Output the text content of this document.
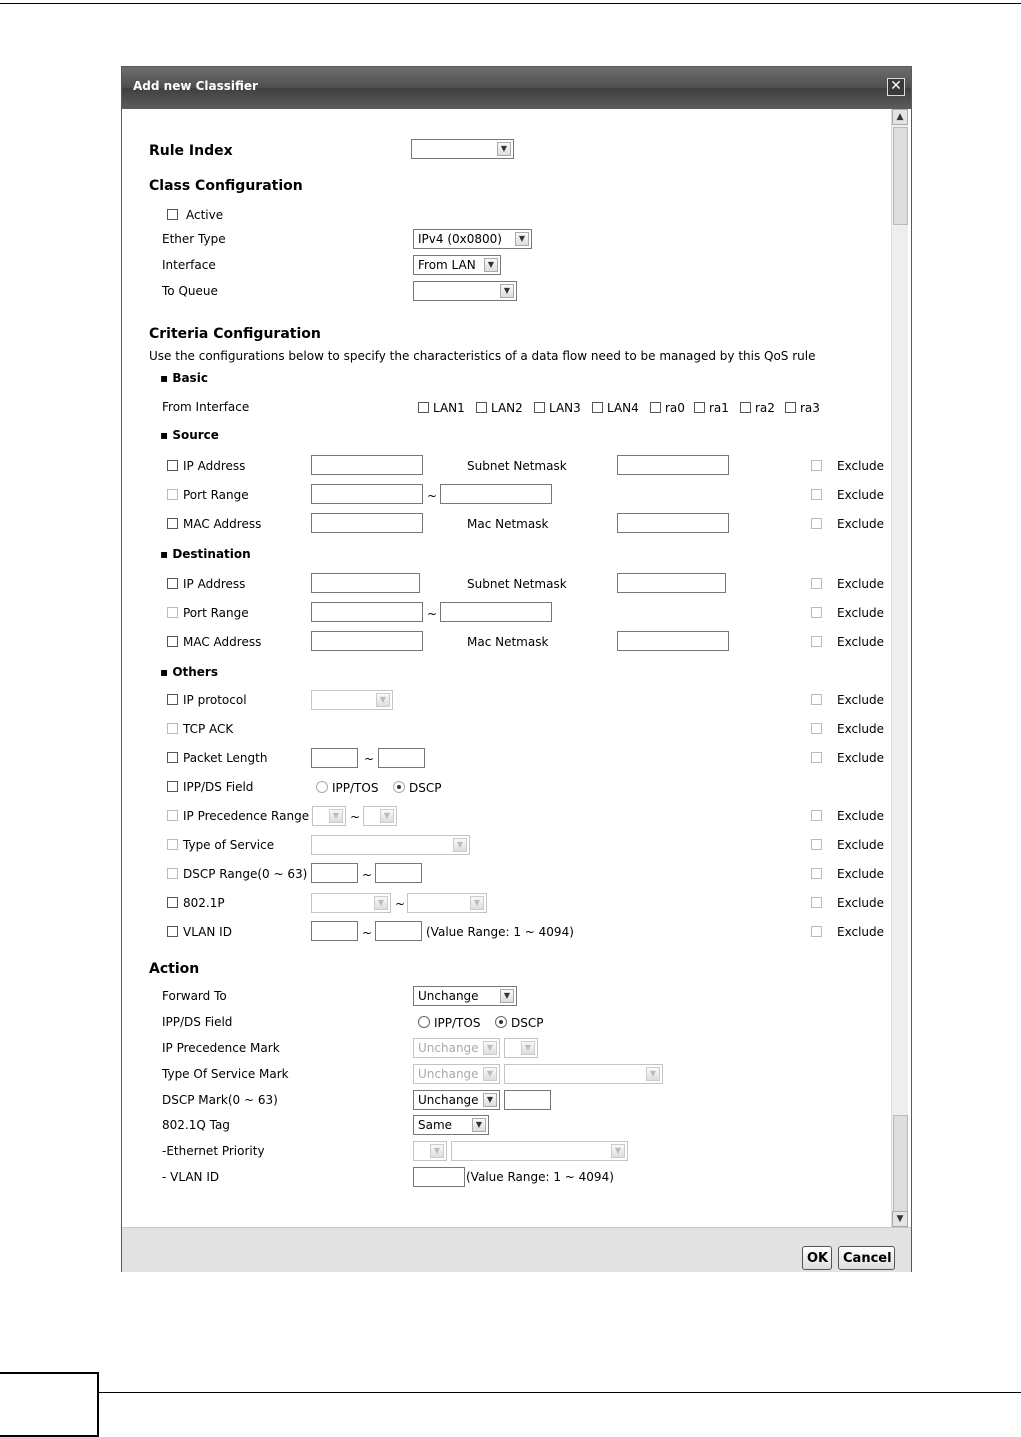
Add new Classifier	✕
Rule Index	▼
Class Configuration
Active
Ether Type	IPv4 (0x0800)	▼
Interface	From LAN	▼
To Queue	▼
Criteria Configuration
Use the configurations below to specify the characteristics of a data flow need to be managed by this QoS rule
▪ Basic
From Interface	LAN1 LAN2 LAN3 LAN4 ra0 ra1 ra2 ra3
▪ Source
IP Address	Subnet Netmask	Exclude
Port Range	~	Exclude
MAC Address	Mac Netmask	Exclude
▪ Destination
IP Address	Subnet Netmask	Exclude
Port Range	~	Exclude
MAC Address	Mac Netmask	Exclude
▪ Others
IP protocol	▼	Exclude
TCP ACK	Exclude
Packet Length	~	Exclude
IPP/DS Field	IPP/TOS	DSCP
IP Precedence Range	▼ ~	▼	Exclude
Type of Service	▼	Exclude
DSCP Range(0 ~ 63)	~	Exclude
802.1P	▼ ~	▼	Exclude
VLAN ID	~	(Value Range: 1 ~ 4094)	Exclude
Action
Forward To	Unchange	▼
IPP/DS Field	IPP/TOS	DSCP
IP Precedence Mark	Unchange	▼	▼
Type Of Service Mark	Unchange	▼	▼
DSCP Mark(0 ~ 63)	Unchange	▼
802.1Q Tag	Same	▼
-Ethernet Priority	▼	▼
- VLAN ID	(Value Range: 1 ~ 4094)
▲
▼
OK	Cancel
